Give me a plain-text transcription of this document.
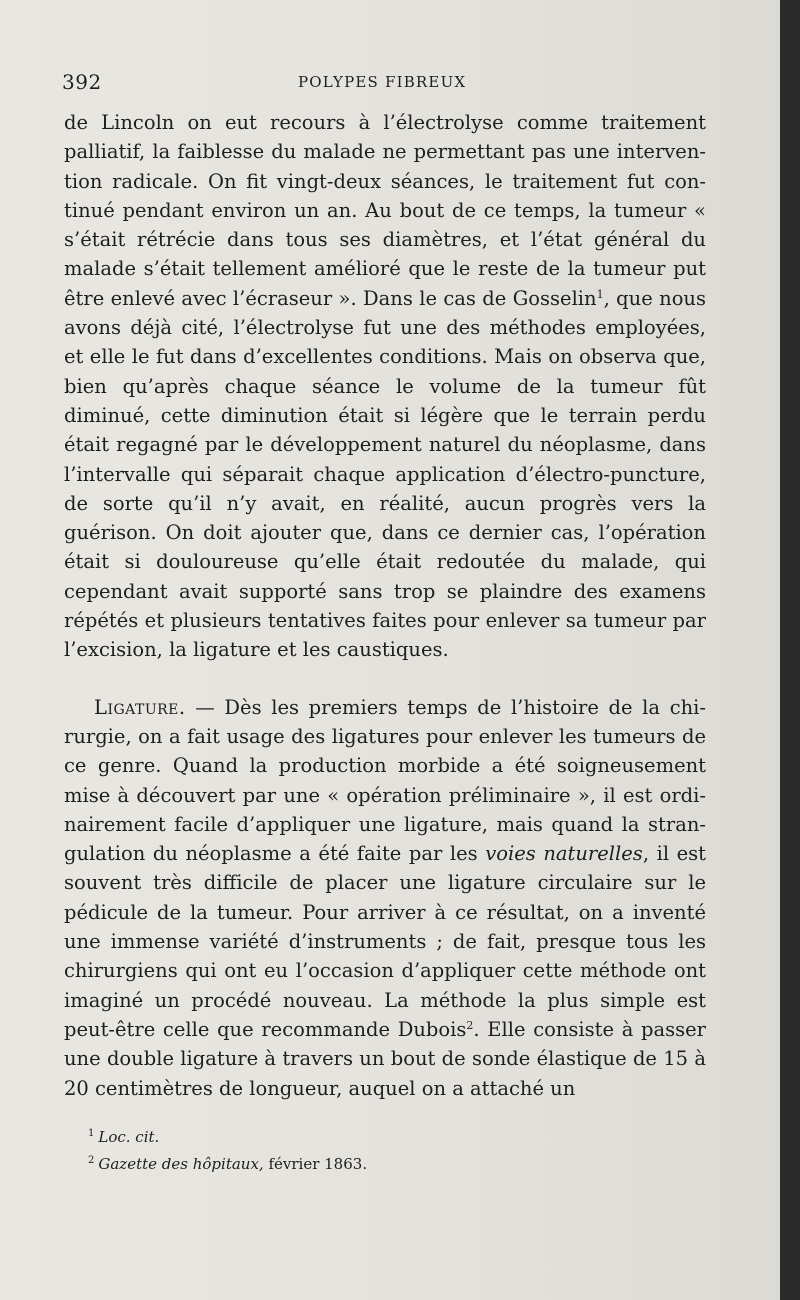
392	POLYPES FIBREUX

de Lincoln on eut recours à l’électrolyse comme traitement palliatif, la faiblesse du malade ne permettant pas une interven- tion radicale. On fit vingt-deux séances, le traitement fut con- tinué pendant environ un an. Au bout de ce temps, la tumeur « s’était rétrécie dans tous ses diamètres, et l’état général du malade s’était tellement amélioré que le reste de la tumeur put être enlevé avec l’écraseur ». Dans le cas de Gosselin$^1$, que nous avons déjà cité, l’électrolyse fut une des méthodes employées, et elle le fut dans d’excellentes conditions. Mais on observa que, bien qu’après chaque séance le volume de la tumeur fût diminué, cette diminution était si légère que le terrain perdu était regagné par le développement naturel du néoplasme, dans l’intervalle qui séparait chaque application d’électro-puncture, de sorte qu’il n’y avait, en réalité, aucun progrès vers la guérison. On doit ajouter que, dans ce dernier cas, l’opération était si douloureuse qu’elle était redoutée du malade, qui cependant avait supporté sans trop se plaindre des examens répétés et plusieurs tentatives faites pour enlever sa tumeur par l’excision, la ligature et les caustiques.

Ligature. — Dès les premiers temps de l’histoire de la chi- rurgie, on a fait usage des ligatures pour enlever les tumeurs de ce genre. Quand la production morbide a été soigneusement mise à découvert par une « opération préliminaire », il est ordi- nairement facile d’appliquer une ligature, mais quand la stran- gulation du néoplasme a été faite par les voies naturelles, il est souvent très difficile de placer une ligature circulaire sur le pédicule de la tumeur. Pour arriver à ce résultat, on a inventé une immense variété d’instruments ; de fait, presque tous les chirurgiens qui ont eu l’occasion d’appliquer cette méthode ont imaginé un procédé nouveau. La méthode la plus simple est peut-être celle que recommande Dubois$^2$. Elle consiste à passer une double ligature à travers un bout de sonde élastique de 15 à 20 centimètres de longueur, auquel on a attaché un

$^1$ Loc. cit.

$^2$ Gazette des hôpitaux, février 1863.
